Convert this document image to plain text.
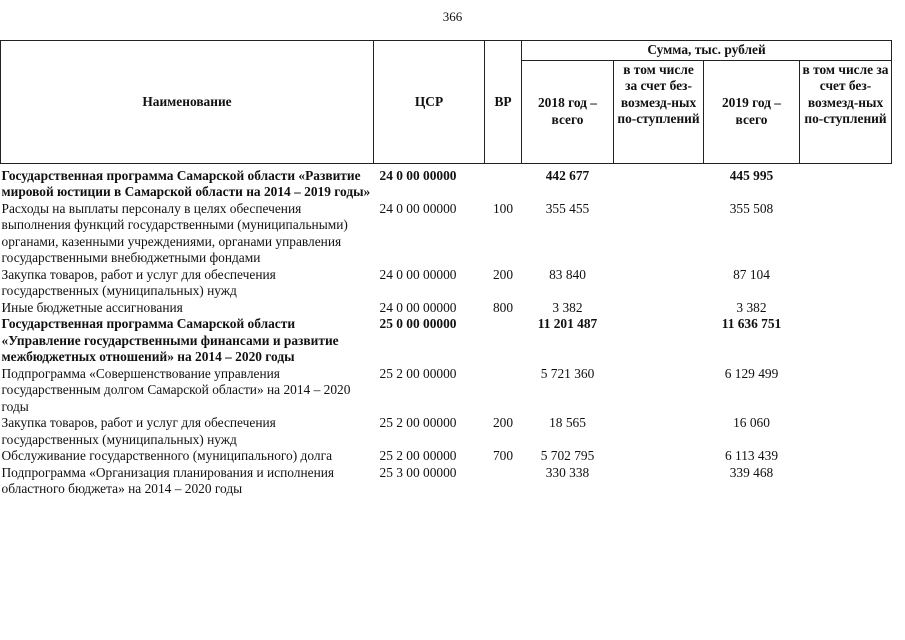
366
Наименование	ЦСР	ВР	Сумма, тыс. рублей			
			2018 год – всего	в том числе за счет без-возмезд-ных по-ступлений	2019 год – всего	в том числе за счет без-возмезд-ных по-ступлений
Государственная программа Самарской области «Развитие мировой юстиции в Самарской области на 2014 – 2019 годы»	24 0 00 00000		442 677		445 995	
Расходы на выплаты персоналу в целях обеспечения выполнения функций государственными (муниципальными) органами, казенными учреждениями, органами управления государственными внебюджетными фондами	24 0 00 00000	100	355 455		355 508	
Закупка товаров, работ и услуг для обеспечения государственных (муниципальных) нужд	24 0 00 00000	200	83 840		87 104	
Иные бюджетные ассигнования	24 0 00 00000	800	3 382		3 382	
Государственная программа Самарской области «Управление государственными финансами и развитие межбюджетных отношений» на 2014 – 2020 годы	25 0 00 00000		11 201 487		11 636 751	
Подпрограмма «Совершенствование управления государственным долгом Самарской области» на 2014 – 2020 годы	25 2 00 00000		5 721 360		6 129 499	
Закупка товаров, работ и услуг для обеспечения государственных (муниципальных) нужд	25 2 00 00000	200	18 565		16 060	
Обслуживание государственного (муниципального) долга	25 2 00 00000	700	5 702 795		6 113 439	
Подпрограмма «Организация планирования и исполнения областного бюджета» на 2014 – 2020 годы	25 3 00 00000		330 338		339 468	
